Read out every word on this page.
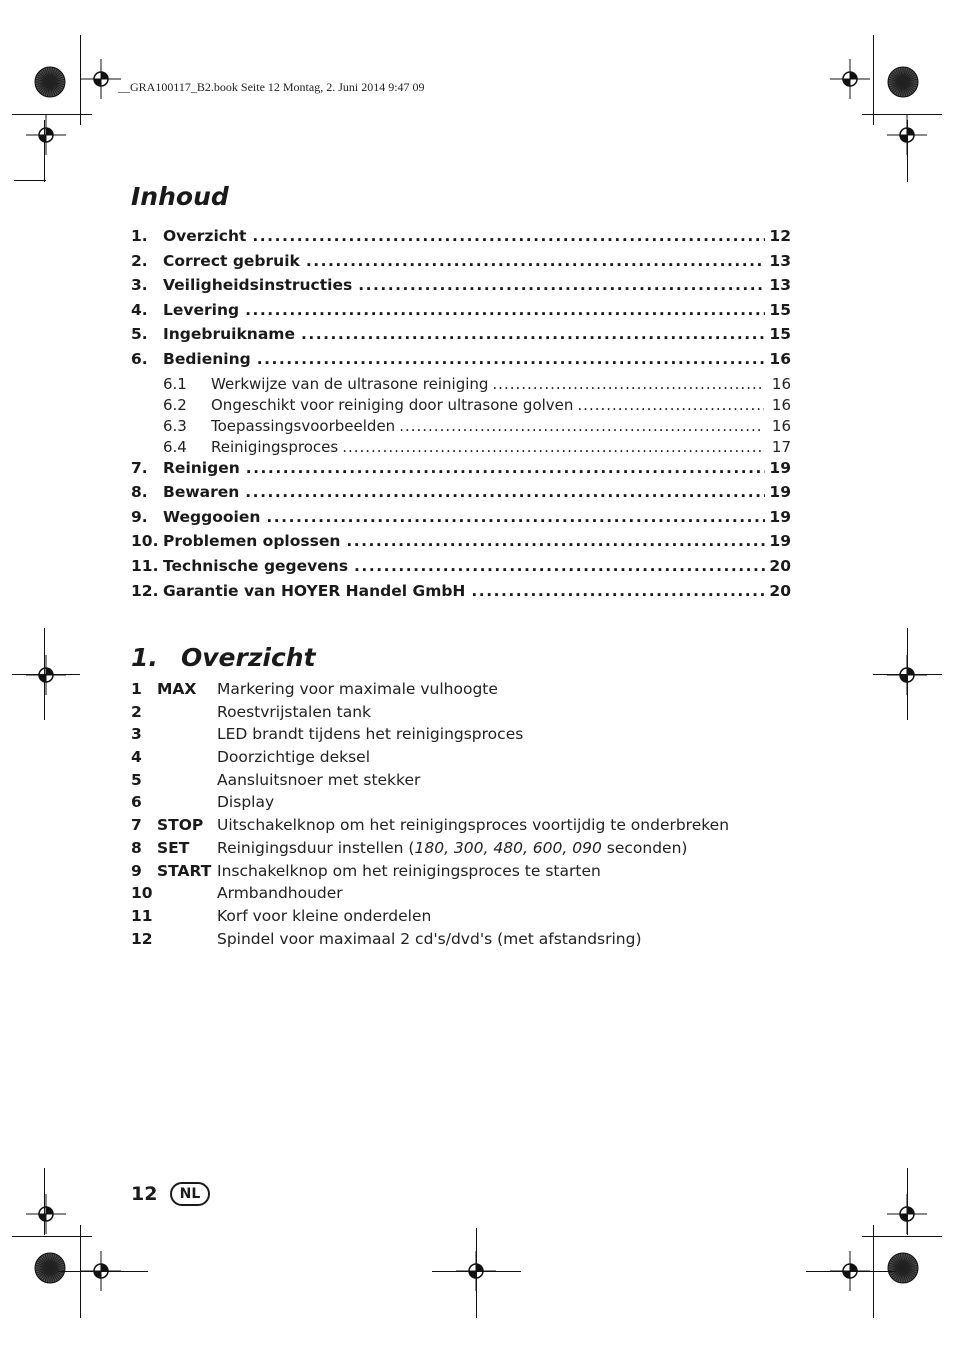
__GRA100117_B2.book Seite 12 Montag, 2. Juni 2014 9:47 09
Inhoud
1. Overzicht .....	12
2. Correct gebruik .....	13
3. Veiligheidsinstructies .....	13
4. Levering .....	15
5. Ingebruikname .....	15
6. Bediening .....	16
6.1	Werkwijze van de ultrasone reiniging .....	16
6.2	Ongeschikt voor reiniging door ultrasone golven .....	16
6.3	Toepassingsvoorbeelden .....	16
6.4	Reinigingsproces .....	17
7. Reinigen .....	19
8. Bewaren .....	19
9. Weggooien .....	19
10. Problemen oplossen .....	19
11. Technische gegevens .....	20
12. Garantie van HOYER Handel GmbH .....	20
1. Overzicht
1 MAX	Markering voor maximale vulhoogte
2	Roestvrijstalen tank
3	LED brandt tijdens het reinigingsproces
4	Doorzichtige deksel
5	Aansluitsnoer met stekker
6	Display
7 STOP Uitschakelknop om het reinigingsproces voortijdig te onderbreken
8 SET	Reinigingsduur instellen (180, 300, 480, 600, 090 seconden)
9 START Inschakelknop om het reinigingsproces te starten
10	Armbandhouder
11	Korf voor kleine onderdelen
12	Spindel voor maximaal 2 cd's/dvd's (met afstandsring)
12	NL
